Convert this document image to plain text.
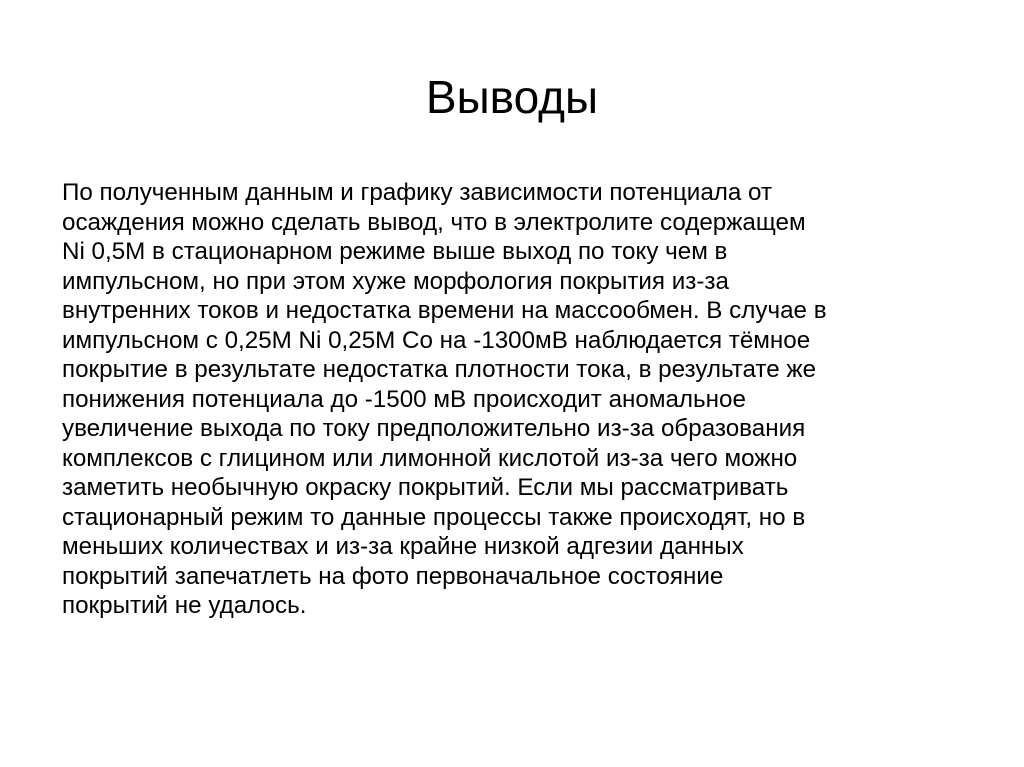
Выводы

По полученным данным и графику зависимости потенциала от
осаждения можно сделать вывод, что в электролите содержащем
Ni 0,5M в стационарном режиме выше выход по току чем в
импульсном, но при этом хуже морфология покрытия из-за
внутренних токов и недостатка времени на массообмен. В случае в
импульсном с 0,25M Ni 0,25M Co на -1300мВ наблюдается тёмное
покрытие в результате недостатка плотности тока, в результате же
понижения потенциала до -1500 мВ происходит аномальное
увеличение выхода по току предположительно из-за образования
комплексов с глицином или лимонной кислотой из-за чего можно
заметить необычную окраску покрытий. Если мы рассматривать
стационарный режим то данные процессы также происходят, но в
меньших количествах и из-за крайне низкой адгезии данных
покрытий запечатлеть на фото первоначальное состояние
покрытий не удалось.
